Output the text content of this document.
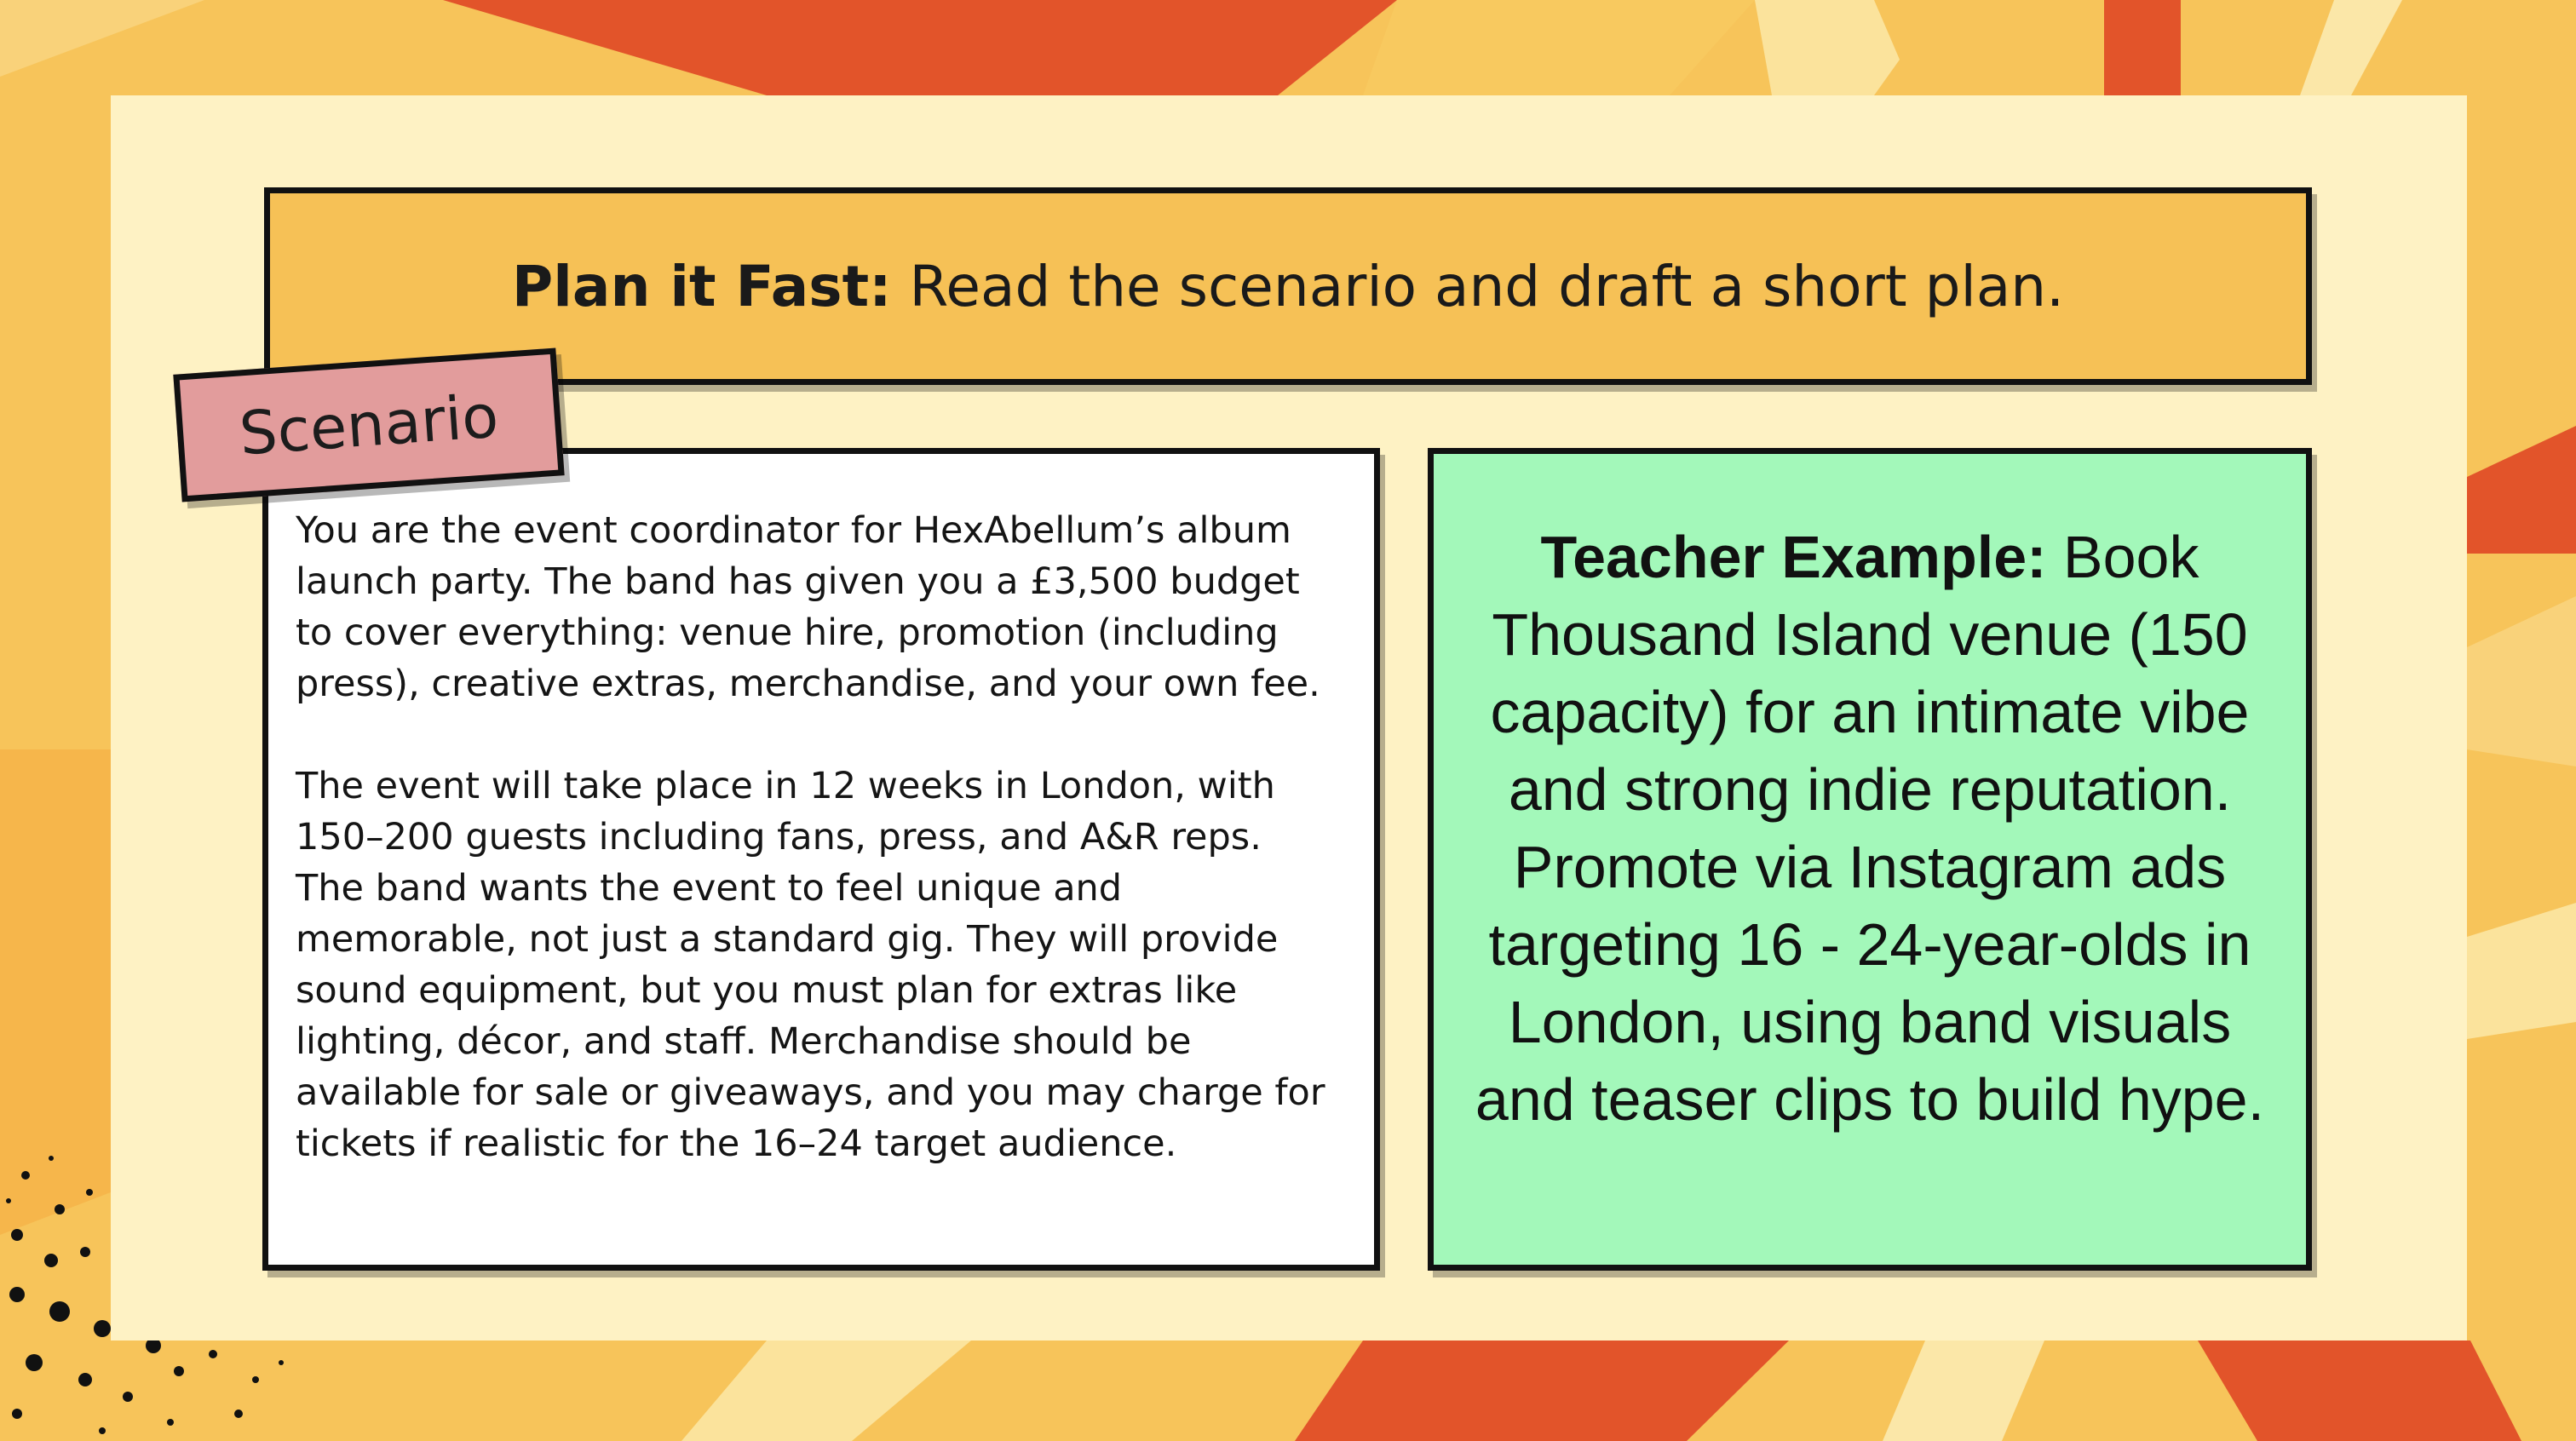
Plan it Fast: Read the scenario and draft a short plan.

You are the event coordinator for HexAbellum’s album launch party. The band has given you a £3,500 budget to cover everything: venue hire, promotion (including press), creative extras, merchandise, and your own fee.

The event will take place in 12 weeks in London, with 150–200 guests including fans, press, and A&R reps. The band wants the event to feel unique and memorable, not just a standard gig. They will provide sound equipment, but you must plan for extras like lighting, décor, and staff. Merchandise should be available for sale or giveaways, and you may charge for tickets if realistic for the 16–24 target audience.

Teacher Example: Book Thousand Island venue (150 capacity) for an intimate vibe and strong indie reputation. Promote via Instagram ads targeting 16 - 24-year-olds in London, using band visuals and teaser clips to build hype.
Scenario
